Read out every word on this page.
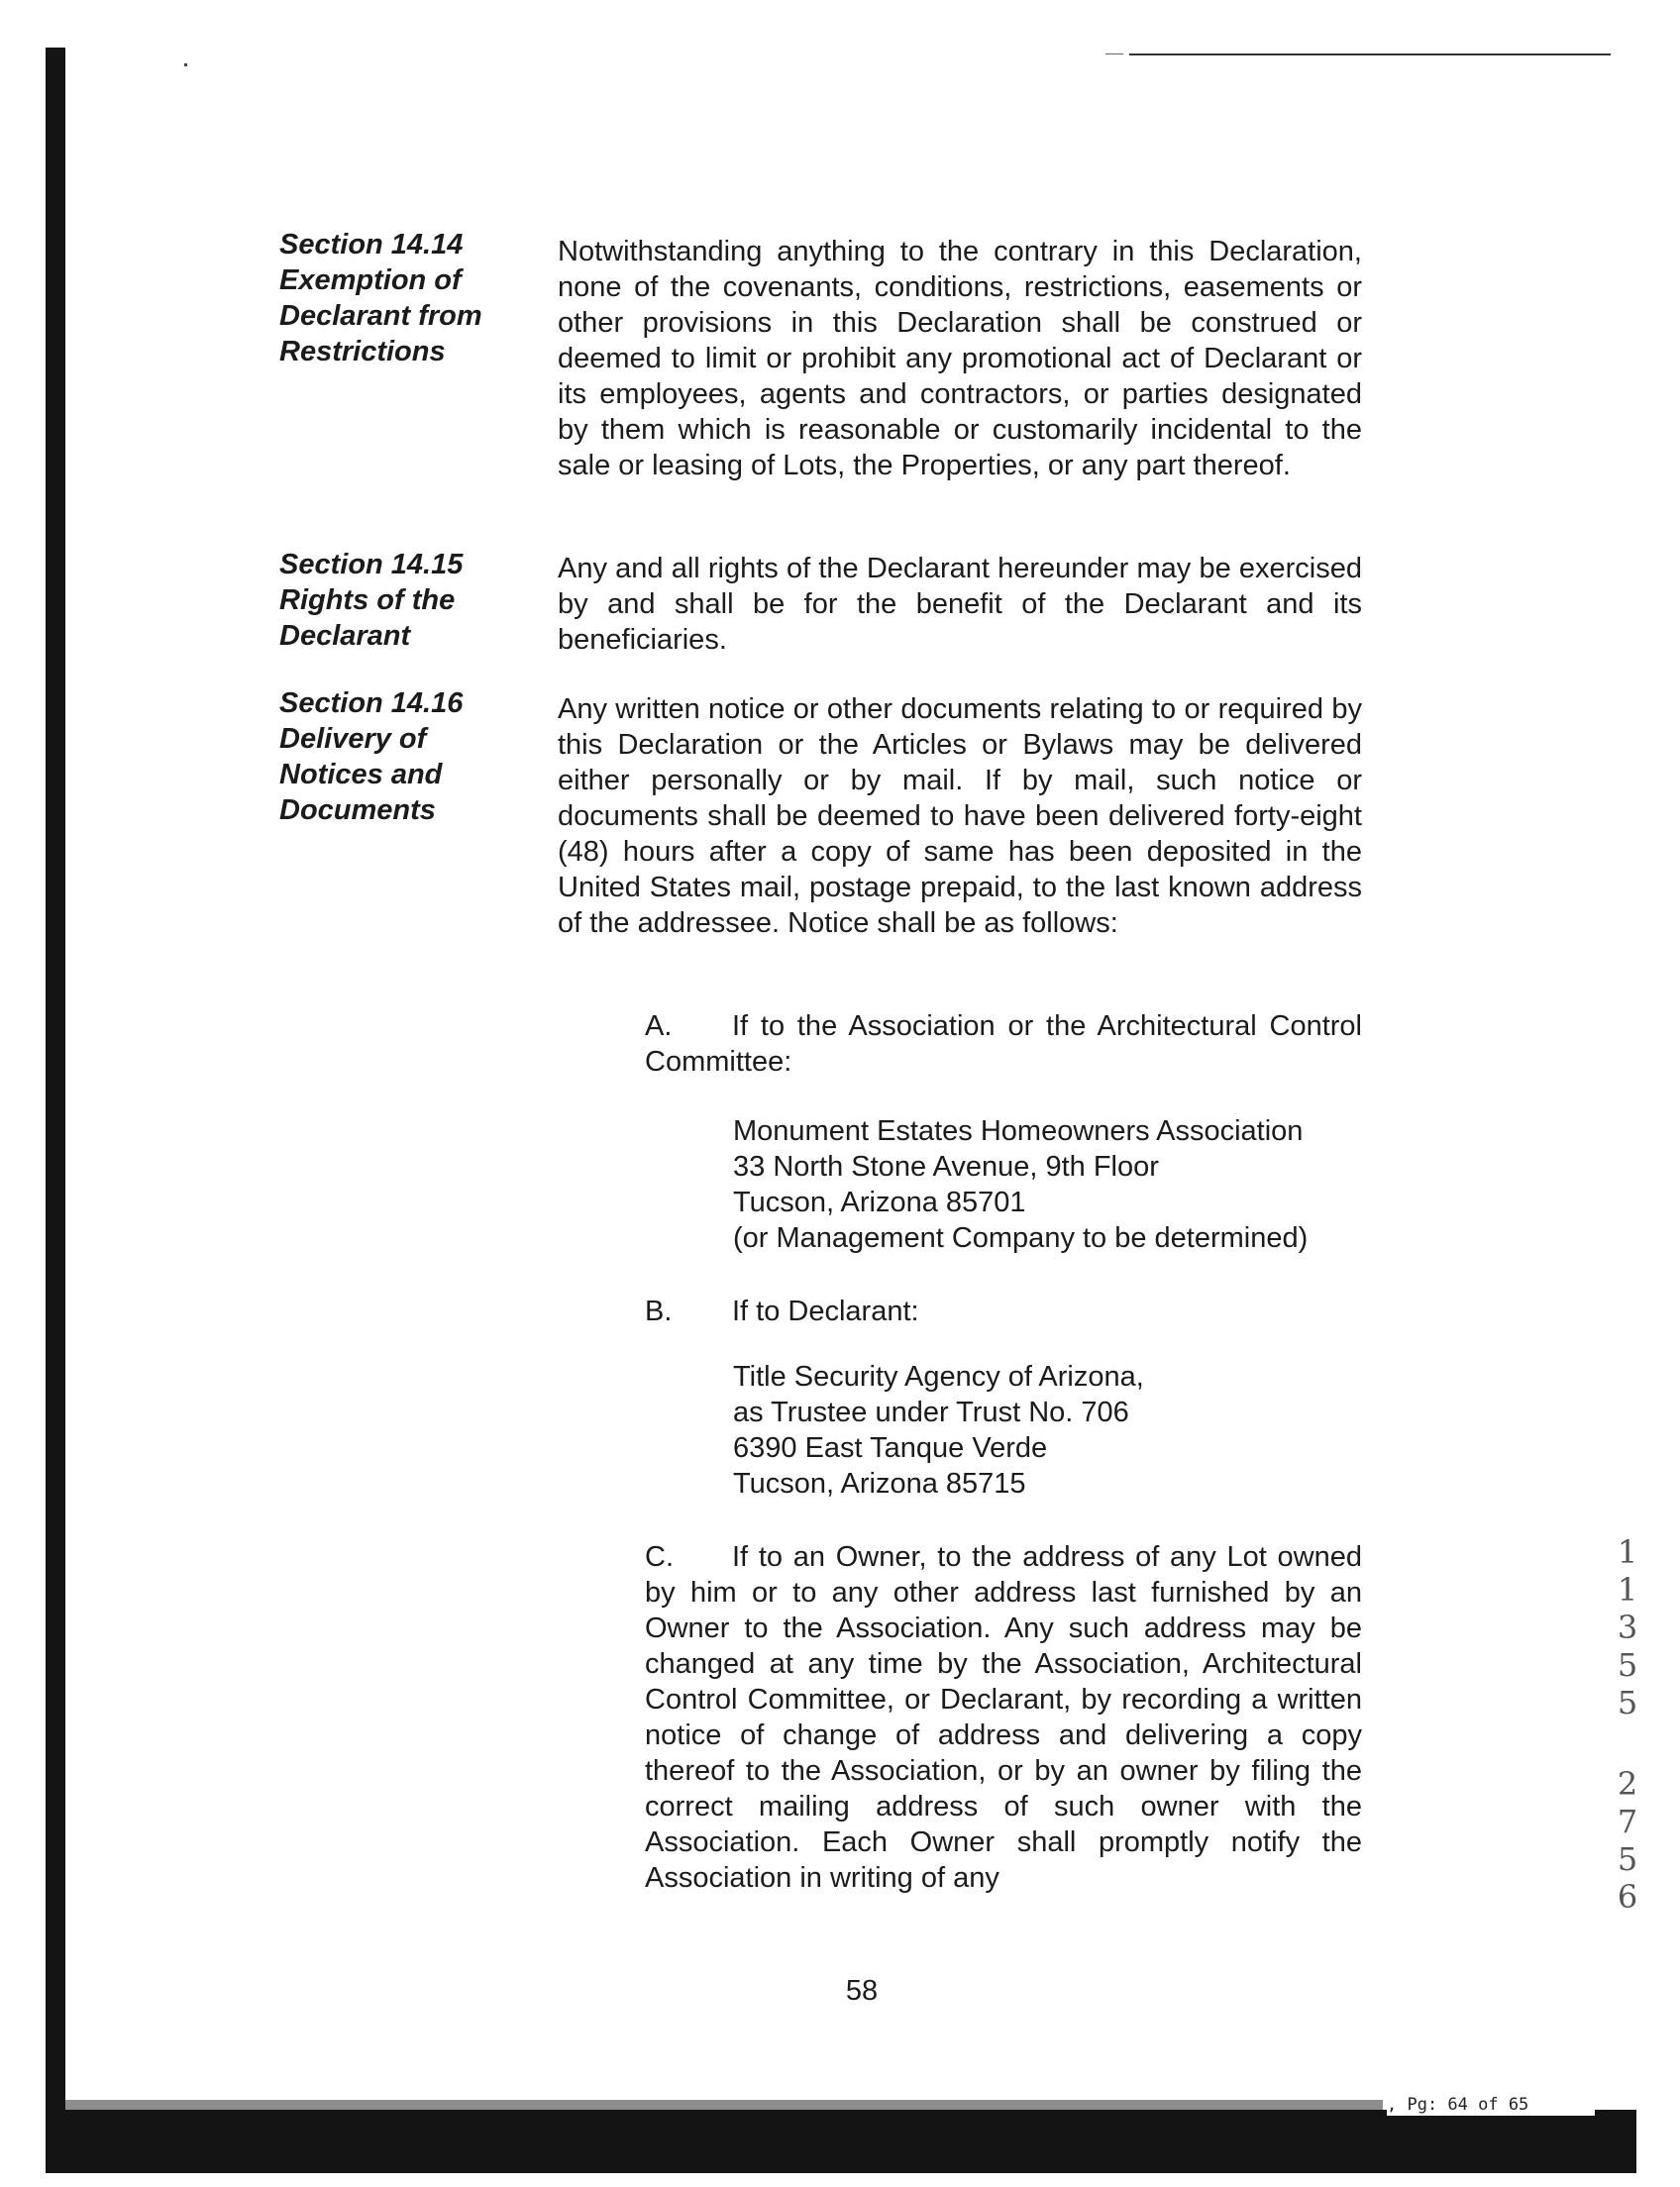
Section 14.14
Exemption of
Declarant from
Restrictions

Notwithstanding anything to the contrary in this Declaration, none of the covenants, conditions, restrictions, easements or other provisions in this Declaration shall be construed or deemed to limit or prohibit any promotional act of Declarant or its employees, agents and contractors, or parties designated by them which is reasonable or customarily incidental to the sale or leasing of Lots, the Properties, or any part thereof.

Section 14.15
Rights of the
Declarant

Any and all rights of the Declarant hereunder may be exercised by and shall be for the benefit of the Declarant and its beneficiaries.

Section 14.16
Delivery of
Notices and
Documents

Any written notice or other documents relating to or required by this Declaration or the Articles or Bylaws may be delivered either personally or by mail. If by mail, such notice or documents shall be deemed to have been delivered forty-eight (48) hours after a copy of same has been deposited in the United States mail, postage prepaid, to the last known address of the addressee. Notice shall be as follows:

A. If to the Association or the Architectural Control Committee:

Monument Estates Homeowners Association
33 North Stone Avenue, 9th Floor
Tucson, Arizona 85701
(or Management Company to be determined)

B. If to Declarant:

Title Security Agency of Arizona,
as Trustee under Trust No. 706
6390 East Tanque Verde
Tucson, Arizona 85715

C. If to an Owner, to the address of any Lot owned by him or to any other address last furnished by an Owner to the Association. Any such address may be changed at any time by the Association, Architectural Control Committee, or Declarant, by recording a written notice of change of address and delivering a copy thereof to the Association, or by an owner by filing the correct mailing address of such owner with the Association. Each Owner shall promptly notify the Association in writing of any

58
, Pg: 64 of 65
1
1
3
5
5
2
7
5
6
